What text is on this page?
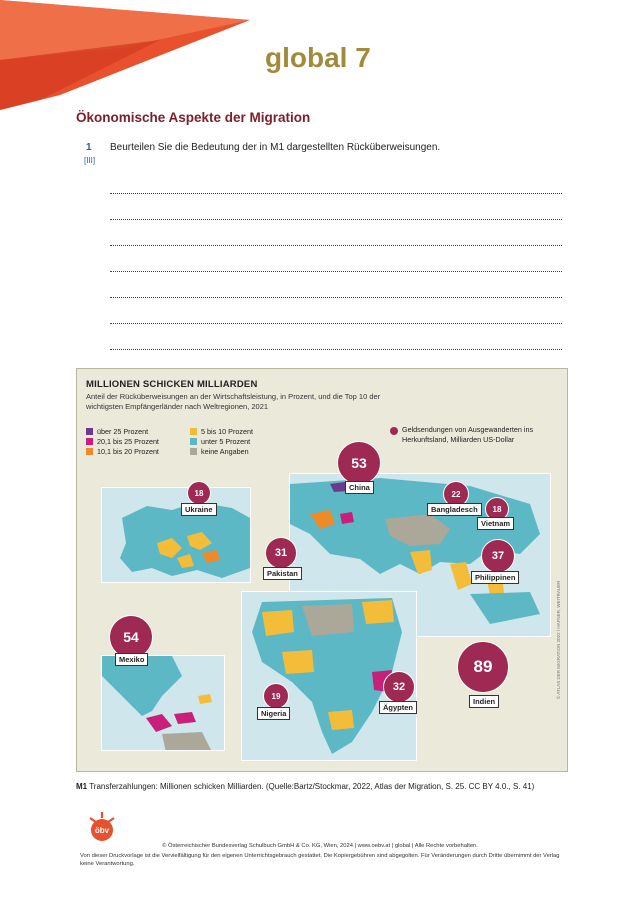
global 7
Ökonomische Aspekte der Migration
1
[III]
Beurteilen Sie die Bedeutung der in M1 dargestellten Rücküberweisungen.
MILLIONEN SCHICKEN MILLIARDEN
Anteil der Rücküberweisungen an der Wirtschaftsleistung, in Prozent, und die Top 10 der wichtigsten Empfängerländer nach Weltregionen, 2021
über 25 Prozent
20,1 bis 25 Prozent
10,1 bis 20 Prozent
5 bis 10 Prozent
unter 5 Prozent
keine Angaben
Geldsendungen von Ausgewanderten ins Herkunftsland, Milliarden US-Dollar
53
China
18
Ukraine
22
Bangladesch	18
Vietnam
31
Pakistan
37
Philippinen
54
Mexiko
19
Nigeria
32
Ägypten
89
Indien
© ATLAS DER MIGRATION 2022 / HAFNER, WEITRAUER
M1 Transferzahlungen: Millionen schicken Milliarden. (Quelle:Bartz/Stockmar, 2022, Atlas der Migration, S. 25. CC BY 4.0., S. 41)
öbv
© Österreichischer Bundesverlag Schulbuch GmbH & Co. KG, Wien, 2024 | www.oebv.at | global | Alle Rechte vorbehalten.
Von dieser Druckvorlage ist die Vervielfältigung für den eigenen Unterrichtsgebrauch gestattet. Die Kopiergebühren sind abgegolten. Für Veränderungen durch Dritte übernimmt der Verlag keine Verantwortung.
